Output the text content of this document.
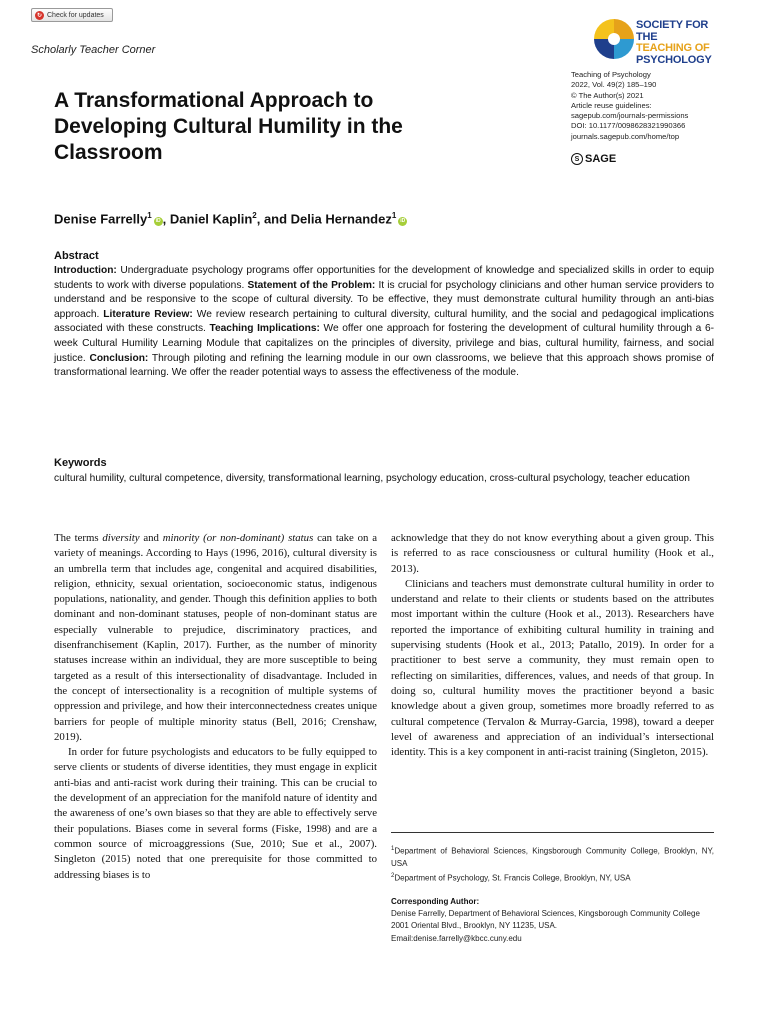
↻ Check for updates
Scholarly Teacher Corner
SOCIETY FOR THE
TEACHING OF
PSYCHOLOGY
Teaching of Psychology
2022, Vol. 49(2) 185–190
© The Author(s) 2021
Article reuse guidelines:
sagepub.com/journals-permissions
DOI: 10.1177/0098628321990366
journals.sagepub.com/home/top
S SAGE
A Transformational Approach to Developing Cultural Humility in the Classroom
Denise Farrelly$^1$iD , Daniel Kaplin$^2$, and Delia Hernandez$^1$iD
Abstract
Introduction: Undergraduate psychology programs offer opportunities for the development of knowledge and specialized skills in order to equip students to work with diverse populations. Statement of the Problem: It is crucial for psychology clinicians and other human service providers to understand and be responsive to the scope of cultural diversity. To be effective, they must demonstrate cultural humility through an anti-bias approach. Literature Review: We review research pertaining to cultural diversity, cultural humility, and the social and pedagogical implications associated with these constructs. Teaching Implications: We offer one approach for fostering the development of cultural humility through a 6-week Cultural Humility Learning Module that capitalizes on the principles of diversity, privilege and bias, cultural humility, fairness, and social justice. Conclusion: Through piloting and refining the learning module in our own classrooms, we believe that this approach shows promise of transformational learning. We offer the reader potential ways to assess the effectiveness of the module.
Keywords
cultural humility, cultural competence, diversity, transformational learning, psychology education, cross-cultural psychology, teacher education

The terms diversity and minority (or non-dominant) status can take on a variety of meanings. According to Hays (1996, 2016), cultural diversity is an umbrella term that includes age, congenital and acquired disabilities, religion, ethnicity, sexual orientation, socioeconomic status, indigenous populations, nationality, and gender. Though this definition applies to both dominant and non-dominant statuses, people of non-dominant status are especially vulnerable to prejudice, discriminatory practices, and disenfranchisement (Kaplin, 2017). Further, as the number of minority statuses increase within an individual, they are more susceptible to being targeted as a result of this intersectionality of disadvantage. Included in the concept of intersectionality is a recognition of multiple systems of oppression and privilege, and how their interconnectedness creates unique barriers for people of multiple minority status (Bell, 2016; Crenshaw, 2019).

In order for future psychologists and educators to be fully equipped to serve clients or students of diverse identities, they must engage in explicit anti-bias and anti-racist work during their training. This can be crucial to the development of an appreciation for the manifold nature of identity and the awareness of one’s own biases so that they are able to effectively serve their populations. Biases come in several forms (Fiske, 1998) and are a common source of microaggressions (Sue, 2010; Sue et al., 2007). Singleton (2015) noted that one prerequisite for those committed to addressing biases is to

acknowledge that they do not know everything about a given group. This is referred to as race consciousness or cultural humility (Hook et al., 2013).

Clinicians and teachers must demonstrate cultural humility in order to understand and relate to their clients or students based on the attributes most important within the culture (Hook et al., 2013). Researchers have reported the importance of exhibiting cultural humility in training and supervising students (Hook et al., 2013; Patallo, 2019). In order for a practitioner to best serve a community, they must remain open to reflecting on similarities, differences, values, and needs of that group. In doing so, cultural humility moves the practitioner beyond a basic knowledge about a given group, sometimes more broadly referred to as cultural competence (Tervalon & Murray-Garcia, 1998), toward a deeper level of awareness and appreciation of an individual’s intersectional identity. This is a key component in anti-racist training (Singleton, 2015).

$^1$Department of Behavioral Sciences, Kingsborough Community College, Brooklyn, NY, USA
$^2$Department of Psychology, St. Francis College, Brooklyn, NY, USA
Corresponding Author:
Denise Farrelly, Department of Behavioral Sciences, Kingsborough Community College 2001 Oriental Blvd., Brooklyn, NY 11235, USA.
Email:denise.farrelly@kbcc.cuny.edu
